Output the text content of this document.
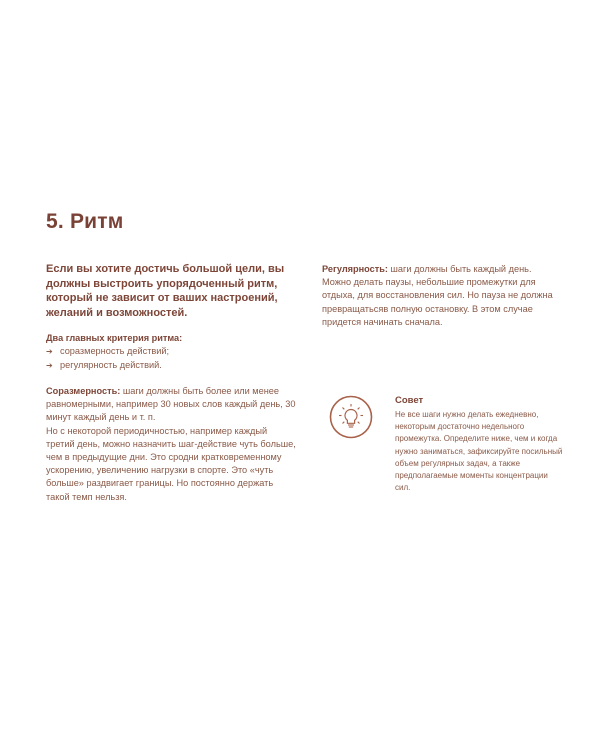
5. Ритм

Если вы хотите достичь большой цели, вы должны выстроить упорядоченный ритм, который не зависит от ваших настроений, желаний и возможностей.

Два главных критерия ритма:

➔ соразмерность действий;
➔ регулярность действий.

Соразмерность: шаги должны быть более или менее равномерными, например 30 новых слов каждый день, 30 минут каждый день и т. п.
Но с некоторой периодичностью, например каждый третий день, можно назначить шаг-действие чуть больше, чем в предыдущие дни. Это сродни кратковременному ускорению, увеличению нагрузки в спорте. Это «чуть больше» раздвигает границы. Но постоянно держать такой темп нельзя.

Регулярность: шаги должны быть каждый день. Можно делать паузы, небольшие промежутки для отдыха, для восстановления сил. Но пауза не должна превращатьсяв полную остановку. В этом случае придется начинать сначала.

Совет

Не все шаги нужно делать ежедневно, некоторым достаточно недельного промежутка. Определите ниже, чем и когда нужно заниматься, зафиксируйте посильный объем регулярных задач, а также предполагаемые моменты концентрации сил.
